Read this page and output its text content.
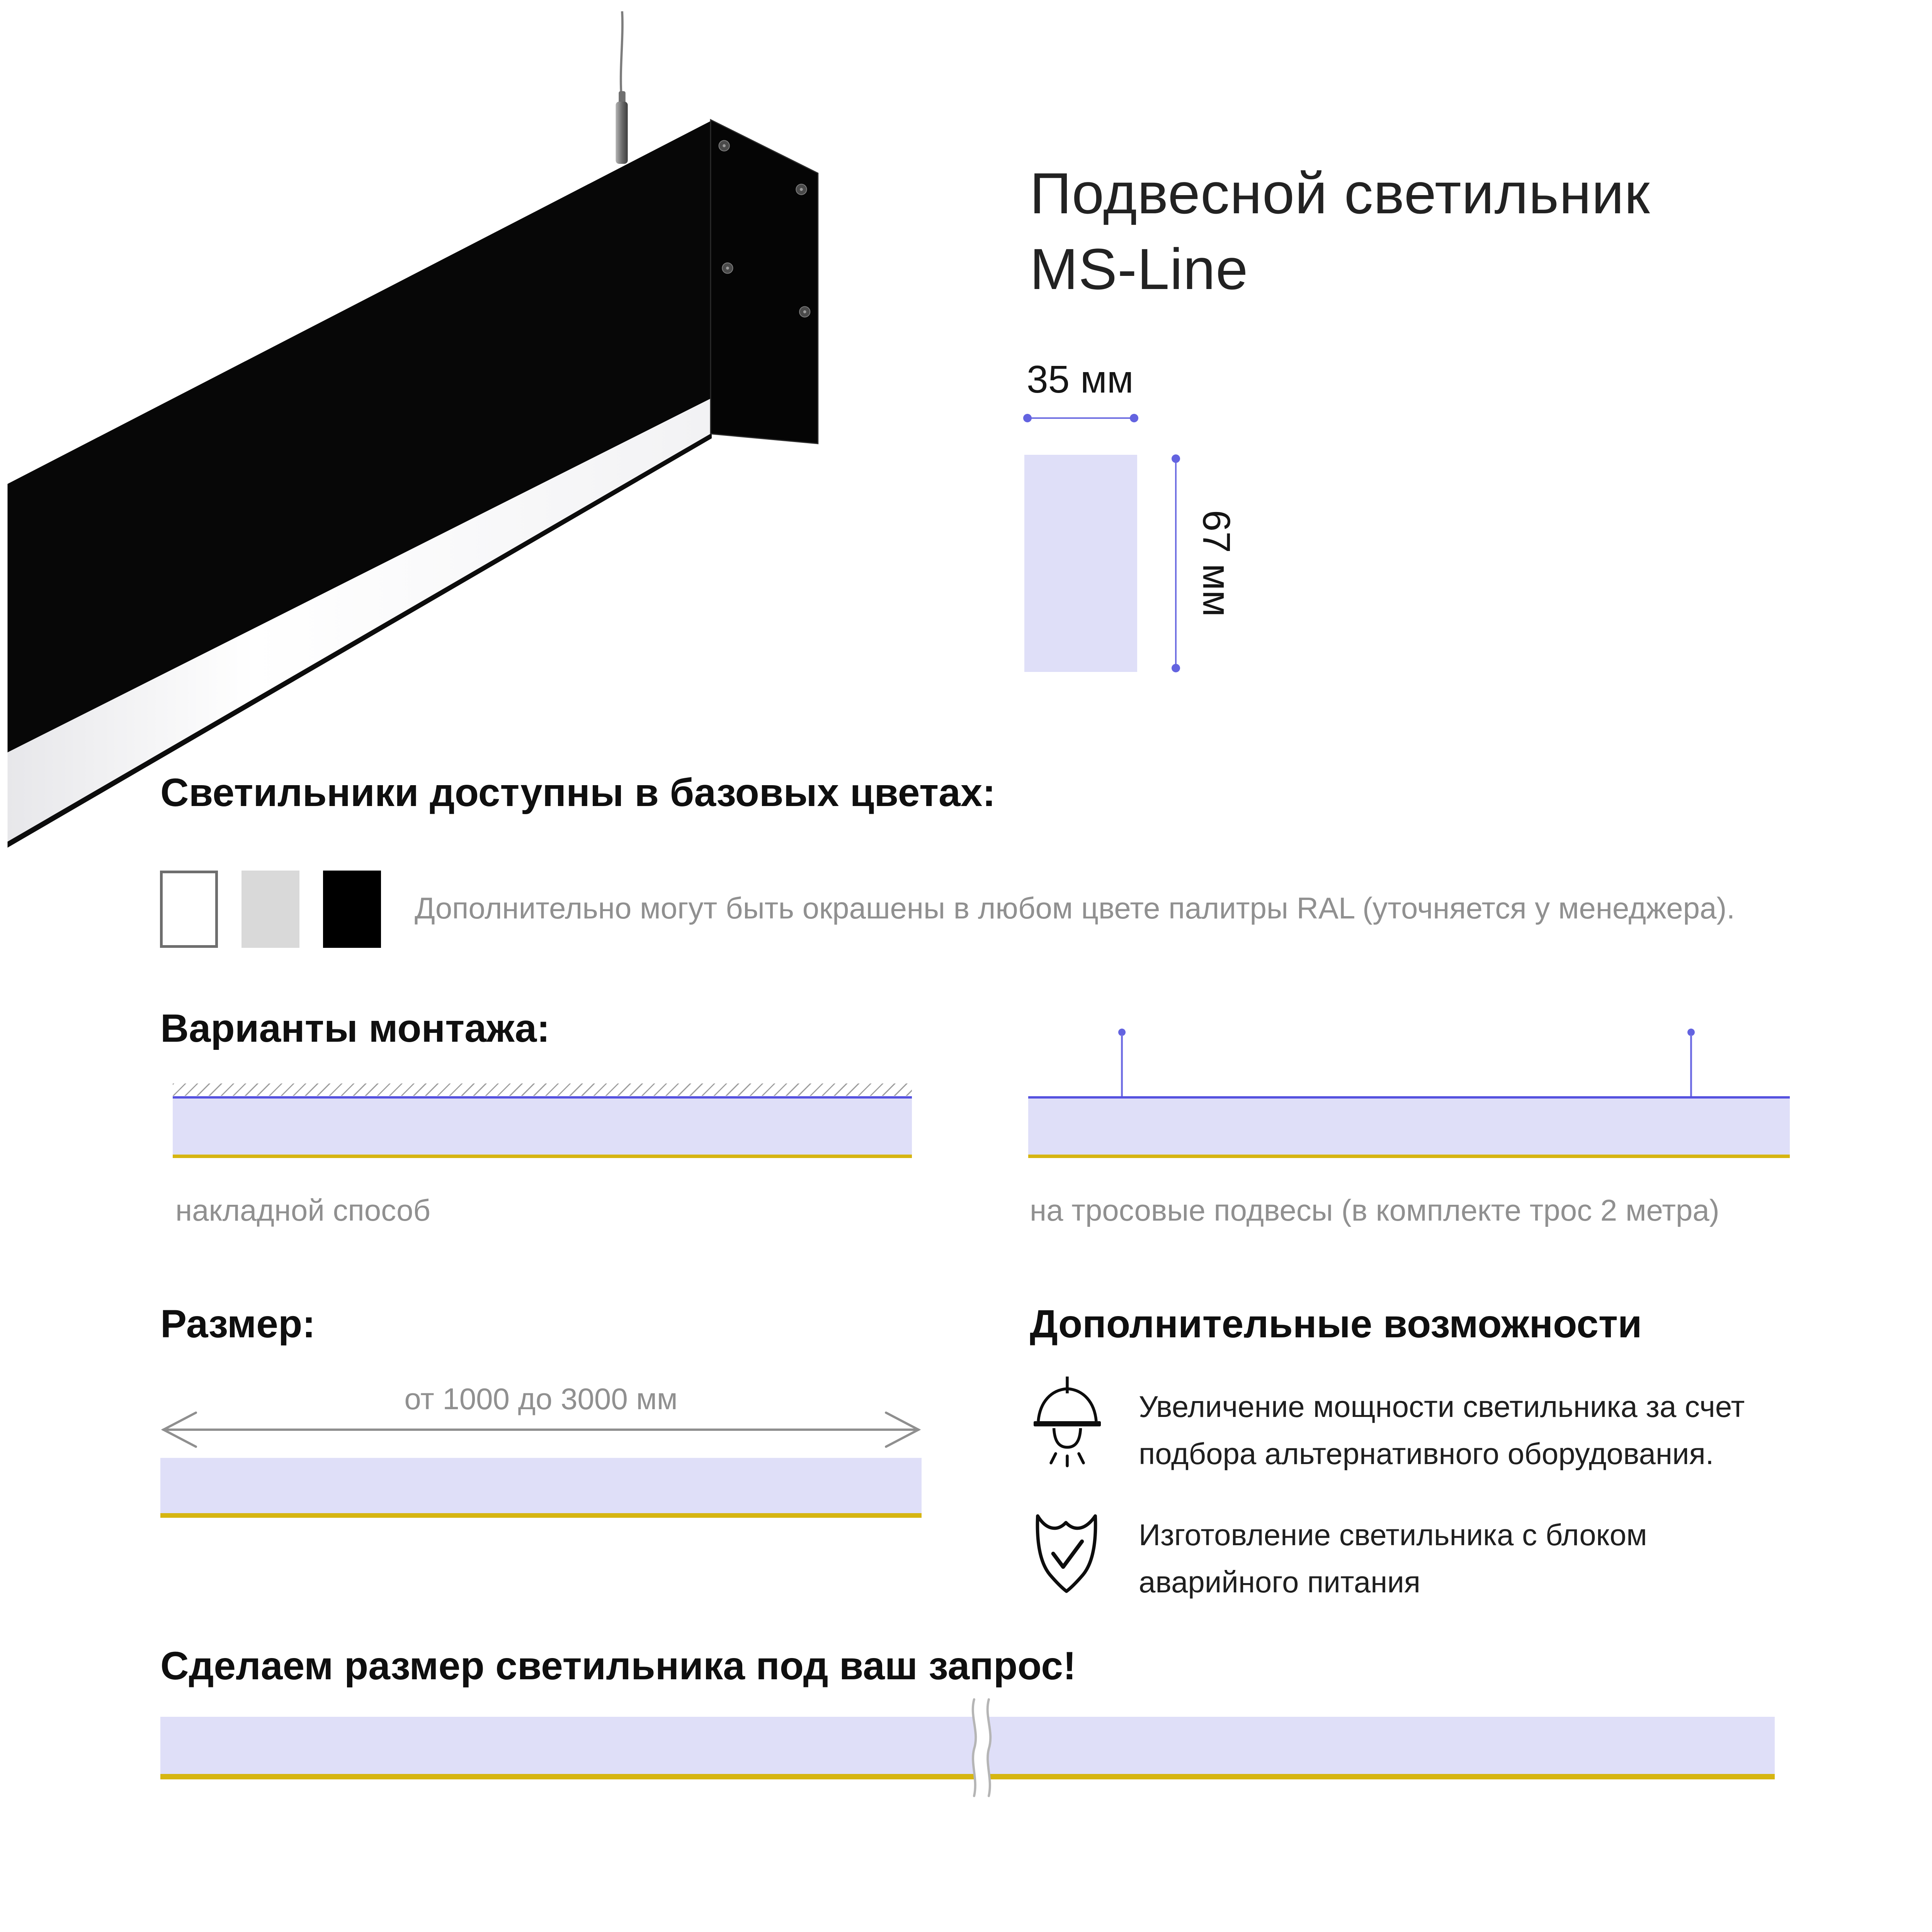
Подвесной светильник
MS-Line
35 мм
67 мм
Светильники доступны в базовых цветах:
Дополнительно могут быть окрашены в любом цвете палитры RAL (уточняется у менеджера).
Варианты монтажа:
накладной способ	на тросовые подвесы (в комплекте трос 2 метра)
Размер:
от 1000 до 3000 мм
Дополнительные возможности
Увеличение мощности светильника за счет
подбора альтернативного оборудования.
Изготовление светильника с блоком
аварийного питания
Сделаем размер светильника под ваш запрос!
